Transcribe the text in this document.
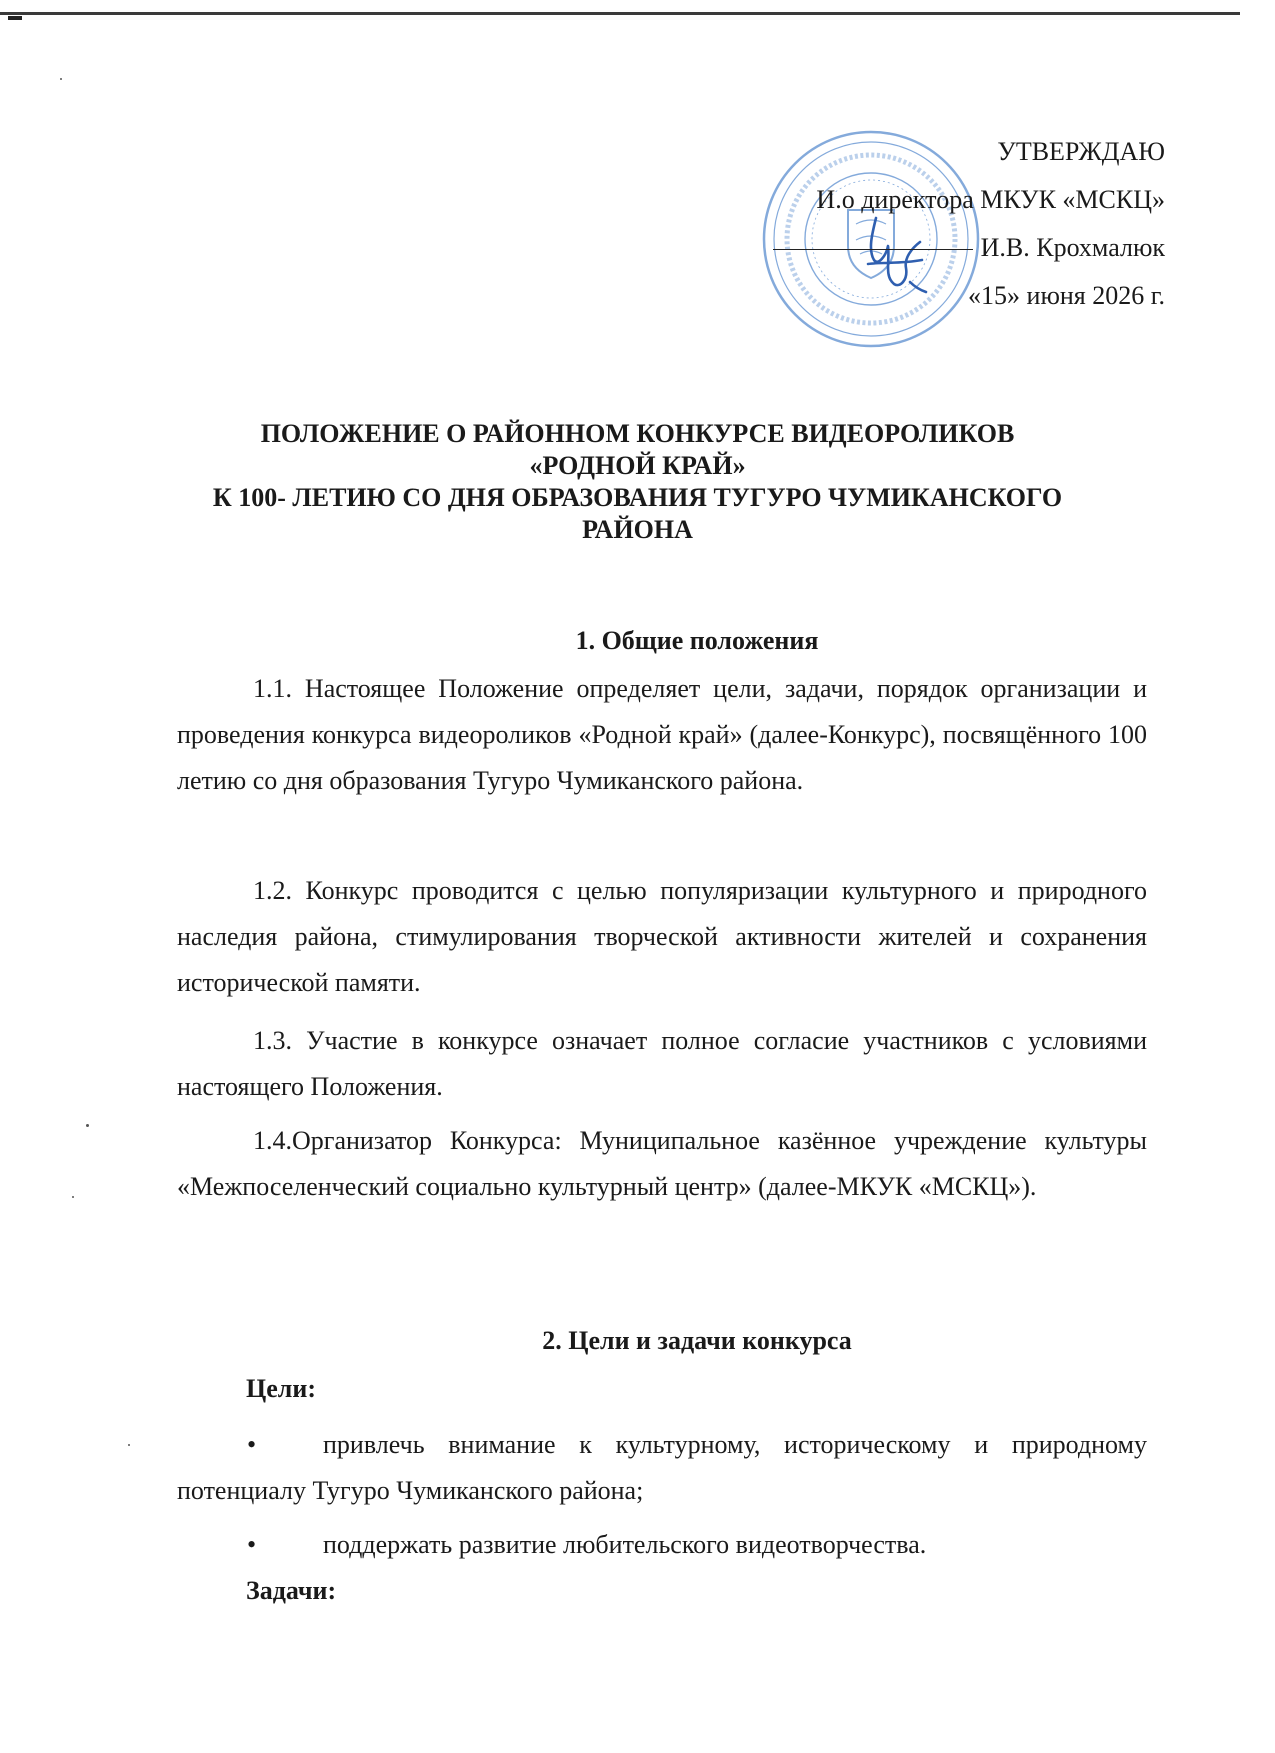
УТВЕРЖДАЮ
И.о директора МКУК «МСКЦ»
И.В. Крохмалюк
«15» июня 2026 г.
ПОЛОЖЕНИЕ О РАЙОННОМ КОНКУРСЕ ВИДЕОРОЛИКОВ
«РОДНОЙ КРАЙ»
К 100- ЛЕТИЮ СО ДНЯ ОБРАЗОВАНИЯ ТУГУРО ЧУМИКАНСКОГО
РАЙОНА
1. Общие положения
1.1. Настоящее Положение определяет цели, задачи, порядок организации и проведения конкурса видеороликов «Родной край» (далее-Конкурс), посвящённого 100 летию со дня образования Тугуро Чумиканского района.
1.2. Конкурс проводится с целью популяризации культурного и природного наследия района, стимулирования творческой активности жителей и сохранения исторической памяти.
1.3. Участие в конкурсе означает полное согласие участников с условиями настоящего Положения.
1.4.Организатор Конкурса: Муниципальное казённое учреждение культуры «Межпоселенческий социально культурный центр» (далее-МКУК «МСКЦ»).
2. Цели и задачи конкурса
Цели:
•	привлечь внимание к культурному, историческому и природному потенциалу Тугуро Чумиканского района;
•	поддержать развитие любительского видеотворчества.
Задачи:
